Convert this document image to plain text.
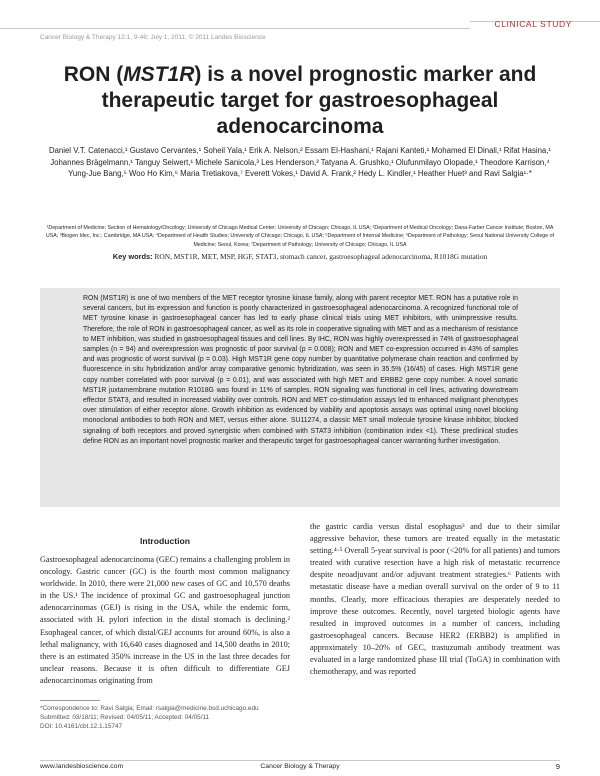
CLINICAL STUDY
Cancer Biology & Therapy 12:1, 9-46; July 1, 2011; © 2011 Landes Bioscience
RON (MST1R) is a novel prognostic marker and therapeutic target for gastroesophageal adenocarcinoma
Daniel V.T. Catenacci,¹ Gustavo Cervantes,¹ Soheil Yala,¹ Erik A. Nelson,² Essam El-Hashani,¹ Rajani Kanteti,¹ Mohamed El Dinali,¹ Rifat Hasina,¹ Johannes Brägelmann,¹ Tanguy Seiwert,¹ Michele Sanicola,³ Les Henderson,³ Tatyana A. Grushko,¹ Olufunmilayo Olopade,¹ Theodore Karrison,⁴ Yung-Jue Bang,⁵ Woo Ho Kim,⁶ Maria Tretiakova,⁷ Everett Vokes,¹ David A. Frank,² Hedy L. Kindler,¹ Heather Huet³ and Ravi Salgia¹·*
¹Department of Medicine; Section of Hematology/Oncology; University of Chicago Medical Center; University of Chicago; Chicago, IL USA; ²Department of Medical Oncology; Dana-Farber Cancer Institute; Boston, MA USA; ³Biogen Idec, Inc.; Cambridge, MA USA; ⁴Department of Health Studies; University of Chicago; Chicago, IL USA; ⁵Department of Internal Medicine; ⁶Department of Pathology; Seoul National University College of Medicine; Seoul, Korea; ⁷Department of Pathology; University of Chicago; Chicago, IL USA
Key words: RON, MST1R, MET, MSP, HGF, STAT3, stomach cancer, gastroesophageal adenocarcinoma, R1018G mutation
RON (MST1R) is one of two members of the MET receptor tyrosine kinase family, along with parent receptor MET. RON has a putative role in several cancers, but its expression and function is poorly characterized in gastroesophageal adenocarcinoma. A recognized functional role of MET tyrosine kinase in gastroesophageal cancer has led to early phase clinical trials using MET inhibitors, with unimpressive results. Therefore, the role of RON in gastroesophageal cancer, as well as its role in cooperative signaling with MET and as a mechanism of resistance to MET inhibition, was studied in gastroesophageal tissues and cell lines. By IHC, RON was highly overexpressed in 74% of gastroesophageal samples (n = 94) and overexpression was prognostic of poor survival (p = 0.008); RON and MET co-expression occurred in 43% of samples and was prognostic of worst survival (p = 0.03). High MST1R gene copy number by quantitative polymerase chain reaction and confirmed by fluorescence in situ hybridization and/or array comparative genomic hybridization, was seen in 35.5% (16/45) of cases. High MST1R gene copy number correlated with poor survival (p = 0.01), and was associated with high MET and ERBB2 gene copy number. A novel somatic MST1R juxtamembrane mutation R1018G was found in 11% of samples. RON signaling was functional in cell lines, activating downstream effector STAT3, and resulted in increased viability over controls. RON and MET co-stimulation assays led to enhanced malignant phenotypes over stimulation of either receptor alone. Growth inhibition as evidenced by viability and apoptosis assays was optimal using novel blocking monoclonal antibodies to both RON and MET, versus either alone. SU11274, a classic MET small molecule tyrosine kinase inhibitor, blocked signaling of both receptors and proved synergistic when combined with STAT3 inhibition (combination index <1). These preclinical studies define RON as an important novel prognostic marker and therapeutic target for gastroesophageal cancer warranting further investigation.
Introduction

Gastroesophageal adenocarcinoma (GEC) remains a challenging problem in oncology. Gastric cancer (GC) is the fourth most common malignancy worldwide. In 2010, there were 21,000 new cases of GC and 10,570 deaths in the US.¹ The incidence of proximal GC and gastroesophageal junction adenocarcinomas (GEJ) is rising in the USA, while the endemic form, associated with H. pylori infection in the distal stomach is declining.² Esophageal cancer, of which distal/GEJ accounts for around 60%, is also a lethal malignancy, with 16,640 cases diagnosed and 14,500 deaths in 2010; there is an estimated 350% increase in the US in the last three decades for unclear reasons. Because it is often difficult to differentiate GEJ adenocarcinomas originating from

the gastric cardia versus distal esophagus³ and due to their similar aggressive behavior, these tumors are treated equally in the metastatic setting.⁴·⁵ Overall 5-year survival is poor (<20% for all patients) and tumors treated with curative resection have a high risk of metastatic recurrence despite neoadjuvant and/or adjuvant treatment strategies.⁶ Patients with metastatic disease have a median overall survival on the order of 9 to 11 months. Clearly, more efficacious therapies are desperately needed to improve these outcomes. Recently, novel targeted biologic agents have resulted in improved outcomes in a number of cancers, including gastroesophageal cancers. Because HER2 (ERBB2) is amplified in approximately 10–20% of GEC, trastuzumab antibody treatment was evaluated in a large randomized phase III trial (ToGA) in combination with chemotherapy, and was reported

*Correspondence to: Ravi Salgia; Email: rsalgia@medicine.bsd.uchicago.edu
Submitted: 03/18/11; Revised: 04/05/11; Accepted: 04/05/11
DOI: 10.4161/cbt.12.1.15747
www.landesbioscience.com	Cancer Biology & Therapy	9
